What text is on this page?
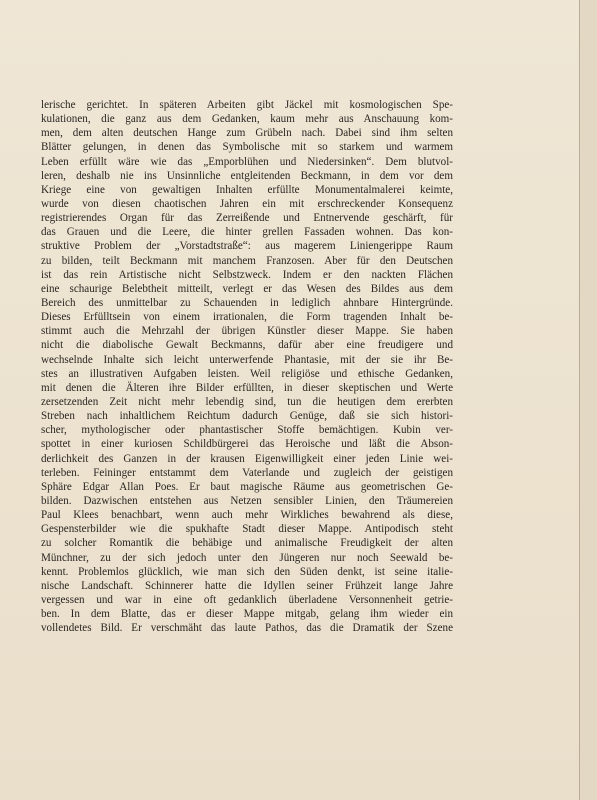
lerische gerichtet. In späteren Arbeiten gibt Jäckel mit kosmologischen Spe-
kulationen, die ganz aus dem Gedanken, kaum mehr aus Anschauung kom-
men, dem alten deutschen Hange zum Grübeln nach. Dabei sind ihm selten
Blätter gelungen, in denen das Symbolische mit so starkem und warmem
Leben erfüllt wäre wie das „Emporblühen und Niedersinken“. Dem blutvol-
leren, deshalb nie ins Unsinnliche entgleitenden Beckmann, in dem vor dem
Kriege eine von gewaltigen Inhalten erfüllte Monumentalmalerei keimte,
wurde von diesen chaotischen Jahren ein mit erschreckender Konsequenz
registrierendes Organ für das Zerreißende und Entnervende geschärft, für
das Grauen und die Leere, die hinter grellen Fassaden wohnen. Das kon-
struktive Problem der „Vorstadtstraße“: aus magerem Liniengerippe Raum
zu bilden, teilt Beckmann mit manchem Franzosen. Aber für den Deutschen
ist das rein Artistische nicht Selbstzweck. Indem er den nackten Flächen
eine schaurige Belebtheit mitteilt, verlegt er das Wesen des Bildes aus dem
Bereich des unmittelbar zu Schauenden in lediglich ahnbare Hintergründe.
Dieses Erfülltsein von einem irrationalen, die Form tragenden Inhalt be-
stimmt auch die Mehrzahl der übrigen Künstler dieser Mappe. Sie haben
nicht die diabolische Gewalt Beckmanns, dafür aber eine freudigere und
wechselnde Inhalte sich leicht unterwerfende Phantasie, mit der sie ihr Be-
stes an illustrativen Aufgaben leisten. Weil religiöse und ethische Gedanken,
mit denen die Älteren ihre Bilder erfüllten, in dieser skeptischen und Werte
zersetzenden Zeit nicht mehr lebendig sind, tun die heutigen dem ererbten
Streben nach inhaltlichem Reichtum dadurch Genüge, daß sie sich histori-
scher, mythologischer oder phantastischer Stoffe bemächtigen. Kubin ver-
spottet in einer kuriosen Schildbürgerei das Heroische und läßt die Abson-
derlichkeit des Ganzen in der krausen Eigenwilligkeit einer jeden Linie wei-
terleben. Feininger entstammt dem Vaterlande und zugleich der geistigen
Sphäre Edgar Allan Poes. Er baut magische Räume aus geometrischen Ge-
bilden. Dazwischen entstehen aus Netzen sensibler Linien, den Träumereien
Paul Klees benachbart, wenn auch mehr Wirkliches bewahrend als diese,
Gespensterbilder wie die spukhafte Stadt dieser Mappe. Antipodisch steht
zu solcher Romantik die behäbige und animalische Freudigkeit der alten
Münchner, zu der sich jedoch unter den Jüngeren nur noch Seewald be-
kennt. Problemlos glücklich, wie man sich den Süden denkt, ist seine italie-
nische Landschaft. Schinnerer hatte die Idyllen seiner Frühzeit lange Jahre
vergessen und war in eine oft gedanklich überladene Versonnenheit getrie-
ben. In dem Blatte, das er dieser Mappe mitgab, gelang ihm wieder ein
vollendetes Bild. Er verschmäht das laute Pathos, das die Dramatik der Szene
